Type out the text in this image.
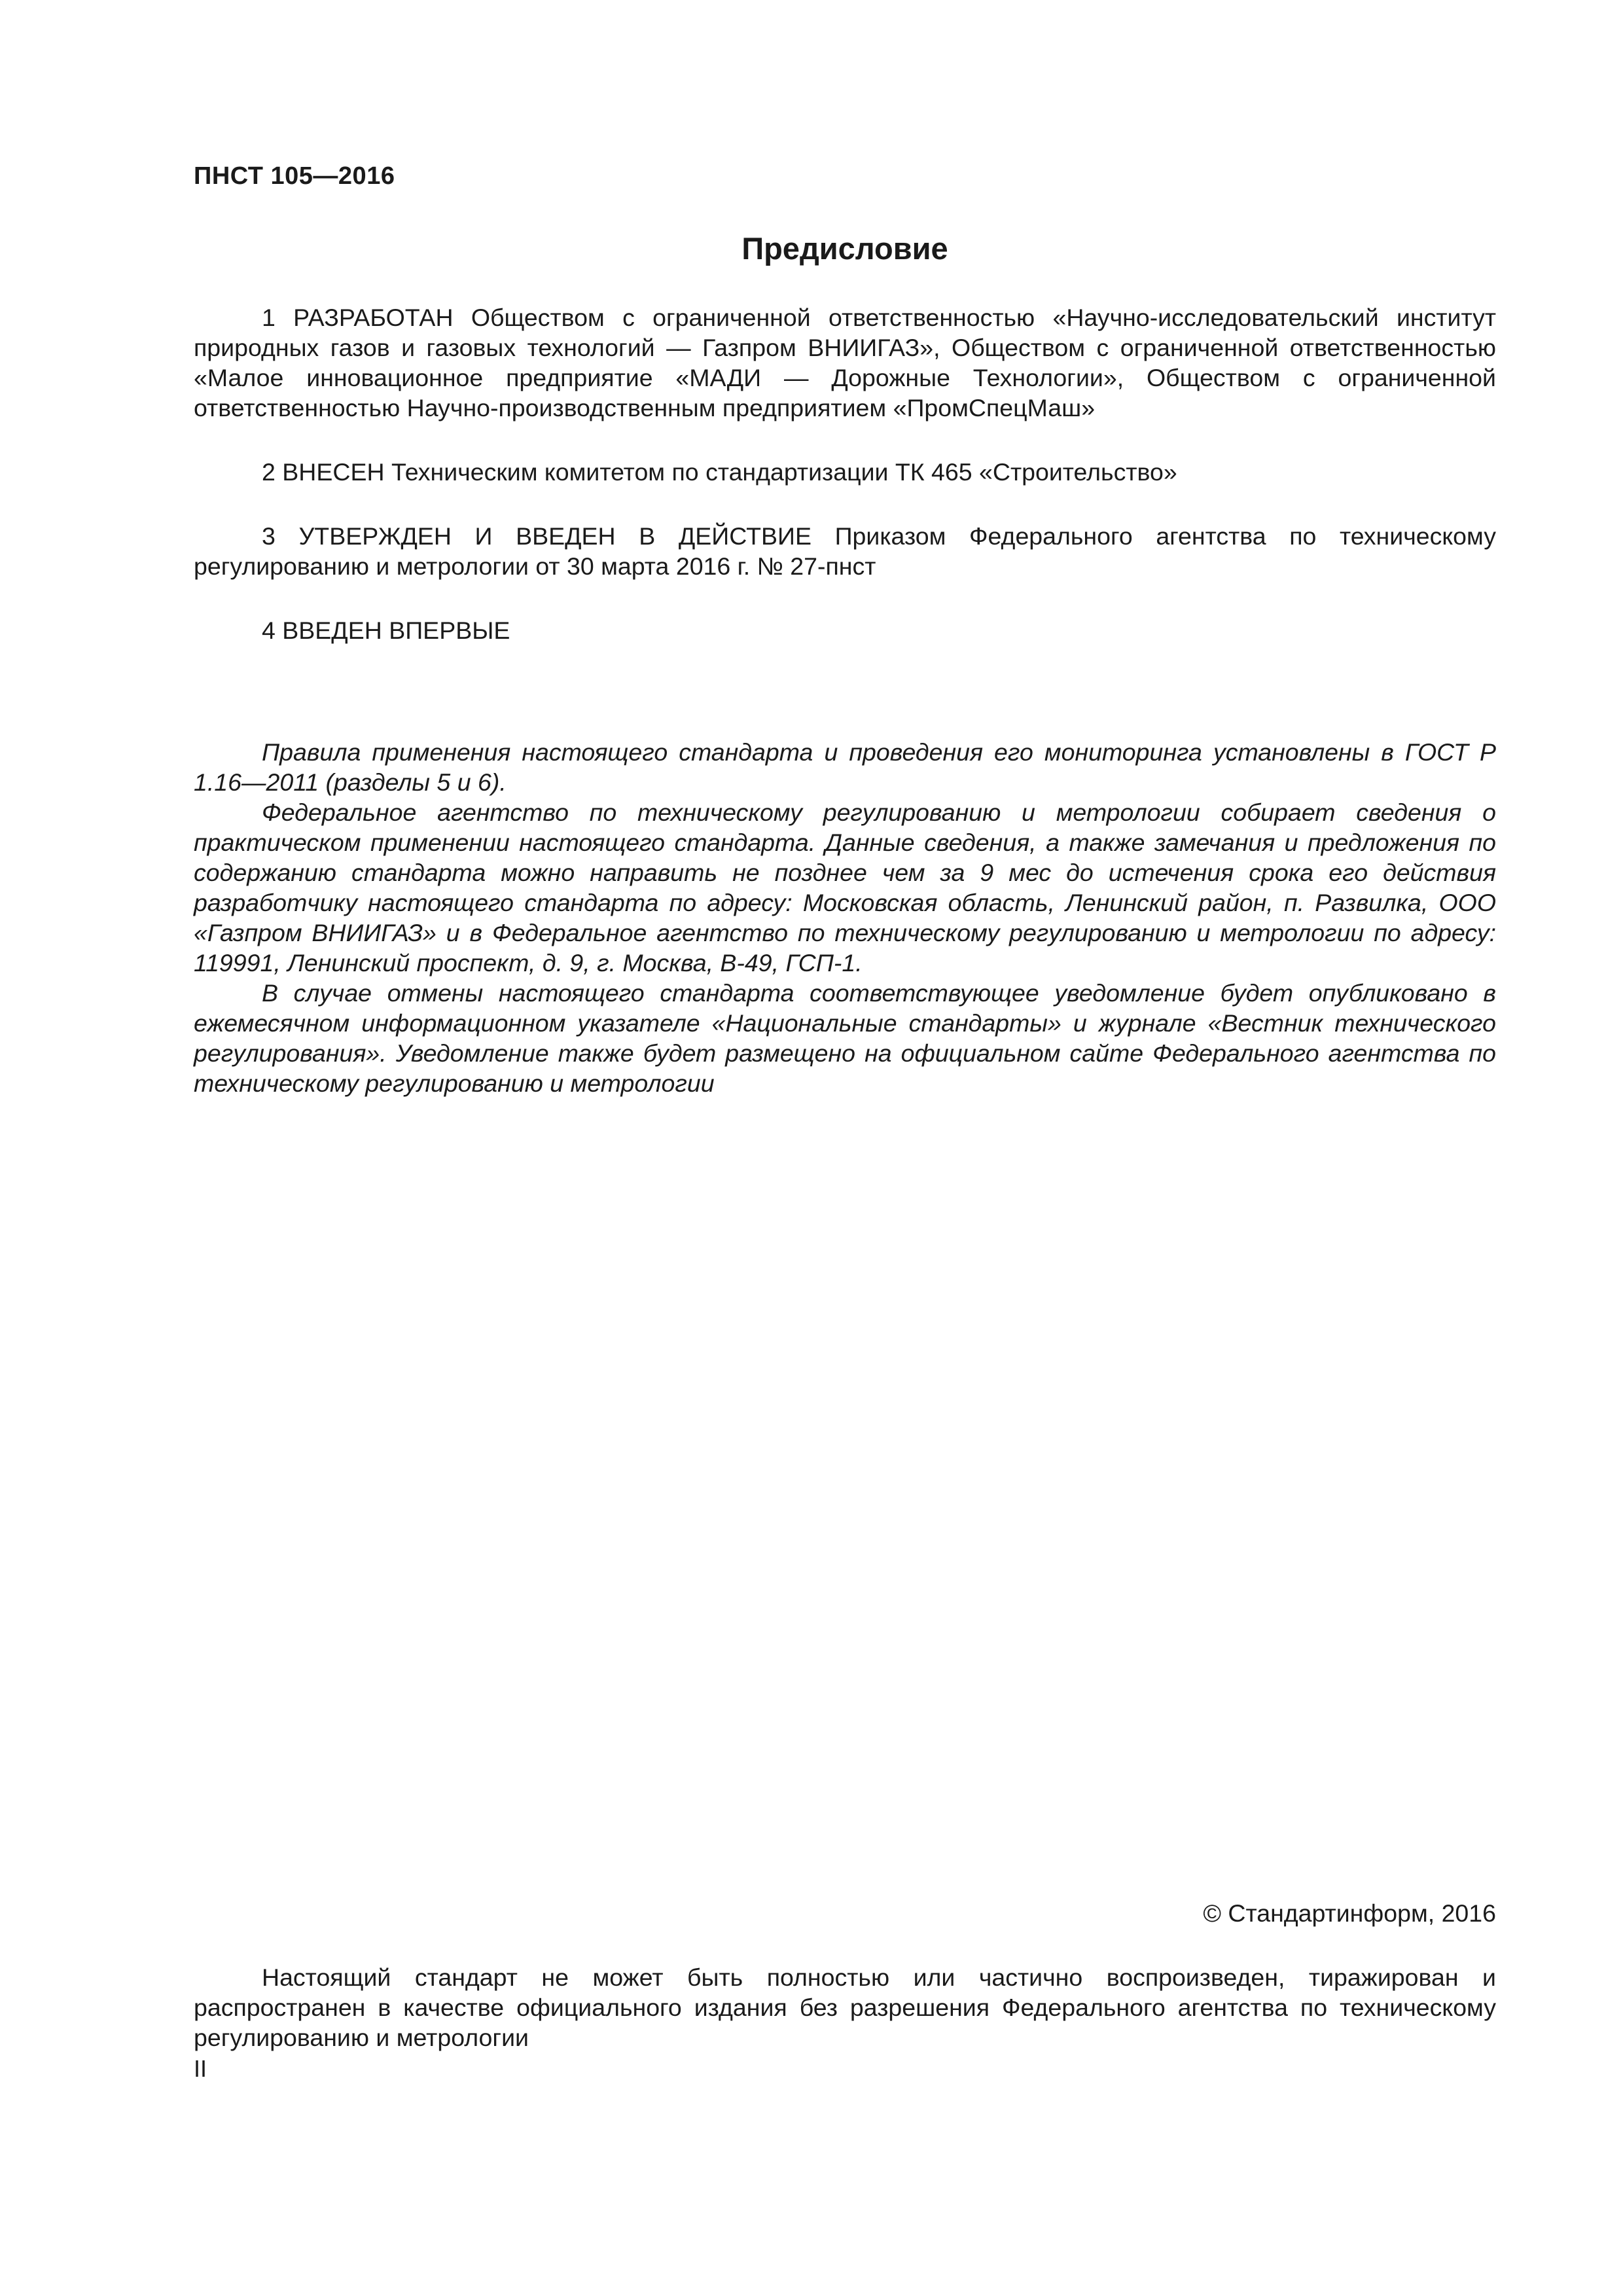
ПНСТ 105—2016
Предисловие

1 РАЗРАБОТАН Обществом с ограниченной ответственностью «Научно-исследовательский институт природных газов и газовых технологий — Газпром ВНИИГАЗ», Обществом с ограниченной ответственностью «Малое инновационное предприятие «МАДИ — Дорожные Технологии», Обществом с ограниченной ответственностью Научно-производственным предприятием «ПромСпецМаш»

2 ВНЕСЕН Техническим комитетом по стандартизации ТК 465 «Строительство»

3 УТВЕРЖДЕН И ВВЕДЕН В ДЕЙСТВИЕ Приказом Федерального агентства по техническому регулированию и метрологии от 30 марта 2016 г. № 27-пнст

4 ВВЕДЕН ВПЕРВЫЕ

Правила применения настоящего стандарта и проведения его мониторинга установлены в ГОСТ Р 1.16—2011 (разделы 5 и 6).

Федеральное агентство по техническому регулированию и метрологии собирает сведения о практическом применении настоящего стандарта. Данные сведения, а также замечания и предложения по содержанию стандарта можно направить не позднее чем за 9 мес до истечения срока его действия разработчику настоящего стандарта по адресу: Московская область, Ленинский район, п. Развилка, ООО «Газпром ВНИИГАЗ» и в Федеральное агентство по техническому регулированию и метрологии по адресу: 119991, Ленинский проспект, д. 9, г. Москва, В-49, ГСП-1.

В случае отмены настоящего стандарта соответствующее уведомление будет опубликовано в ежемесячном информационном указателе «Национальные стандарты» и журнале «Вестник технического регулирования». Уведомление также будет размещено на официальном сайте Федерального агентства по техническому регулированию и метрологии

© Стандартинформ, 2016

Настоящий стандарт не может быть полностью или частично воспроизведен, тиражирован и распространен в качестве официального издания без разрешения Федерального агентства по техническому регулированию и метрологии

II
